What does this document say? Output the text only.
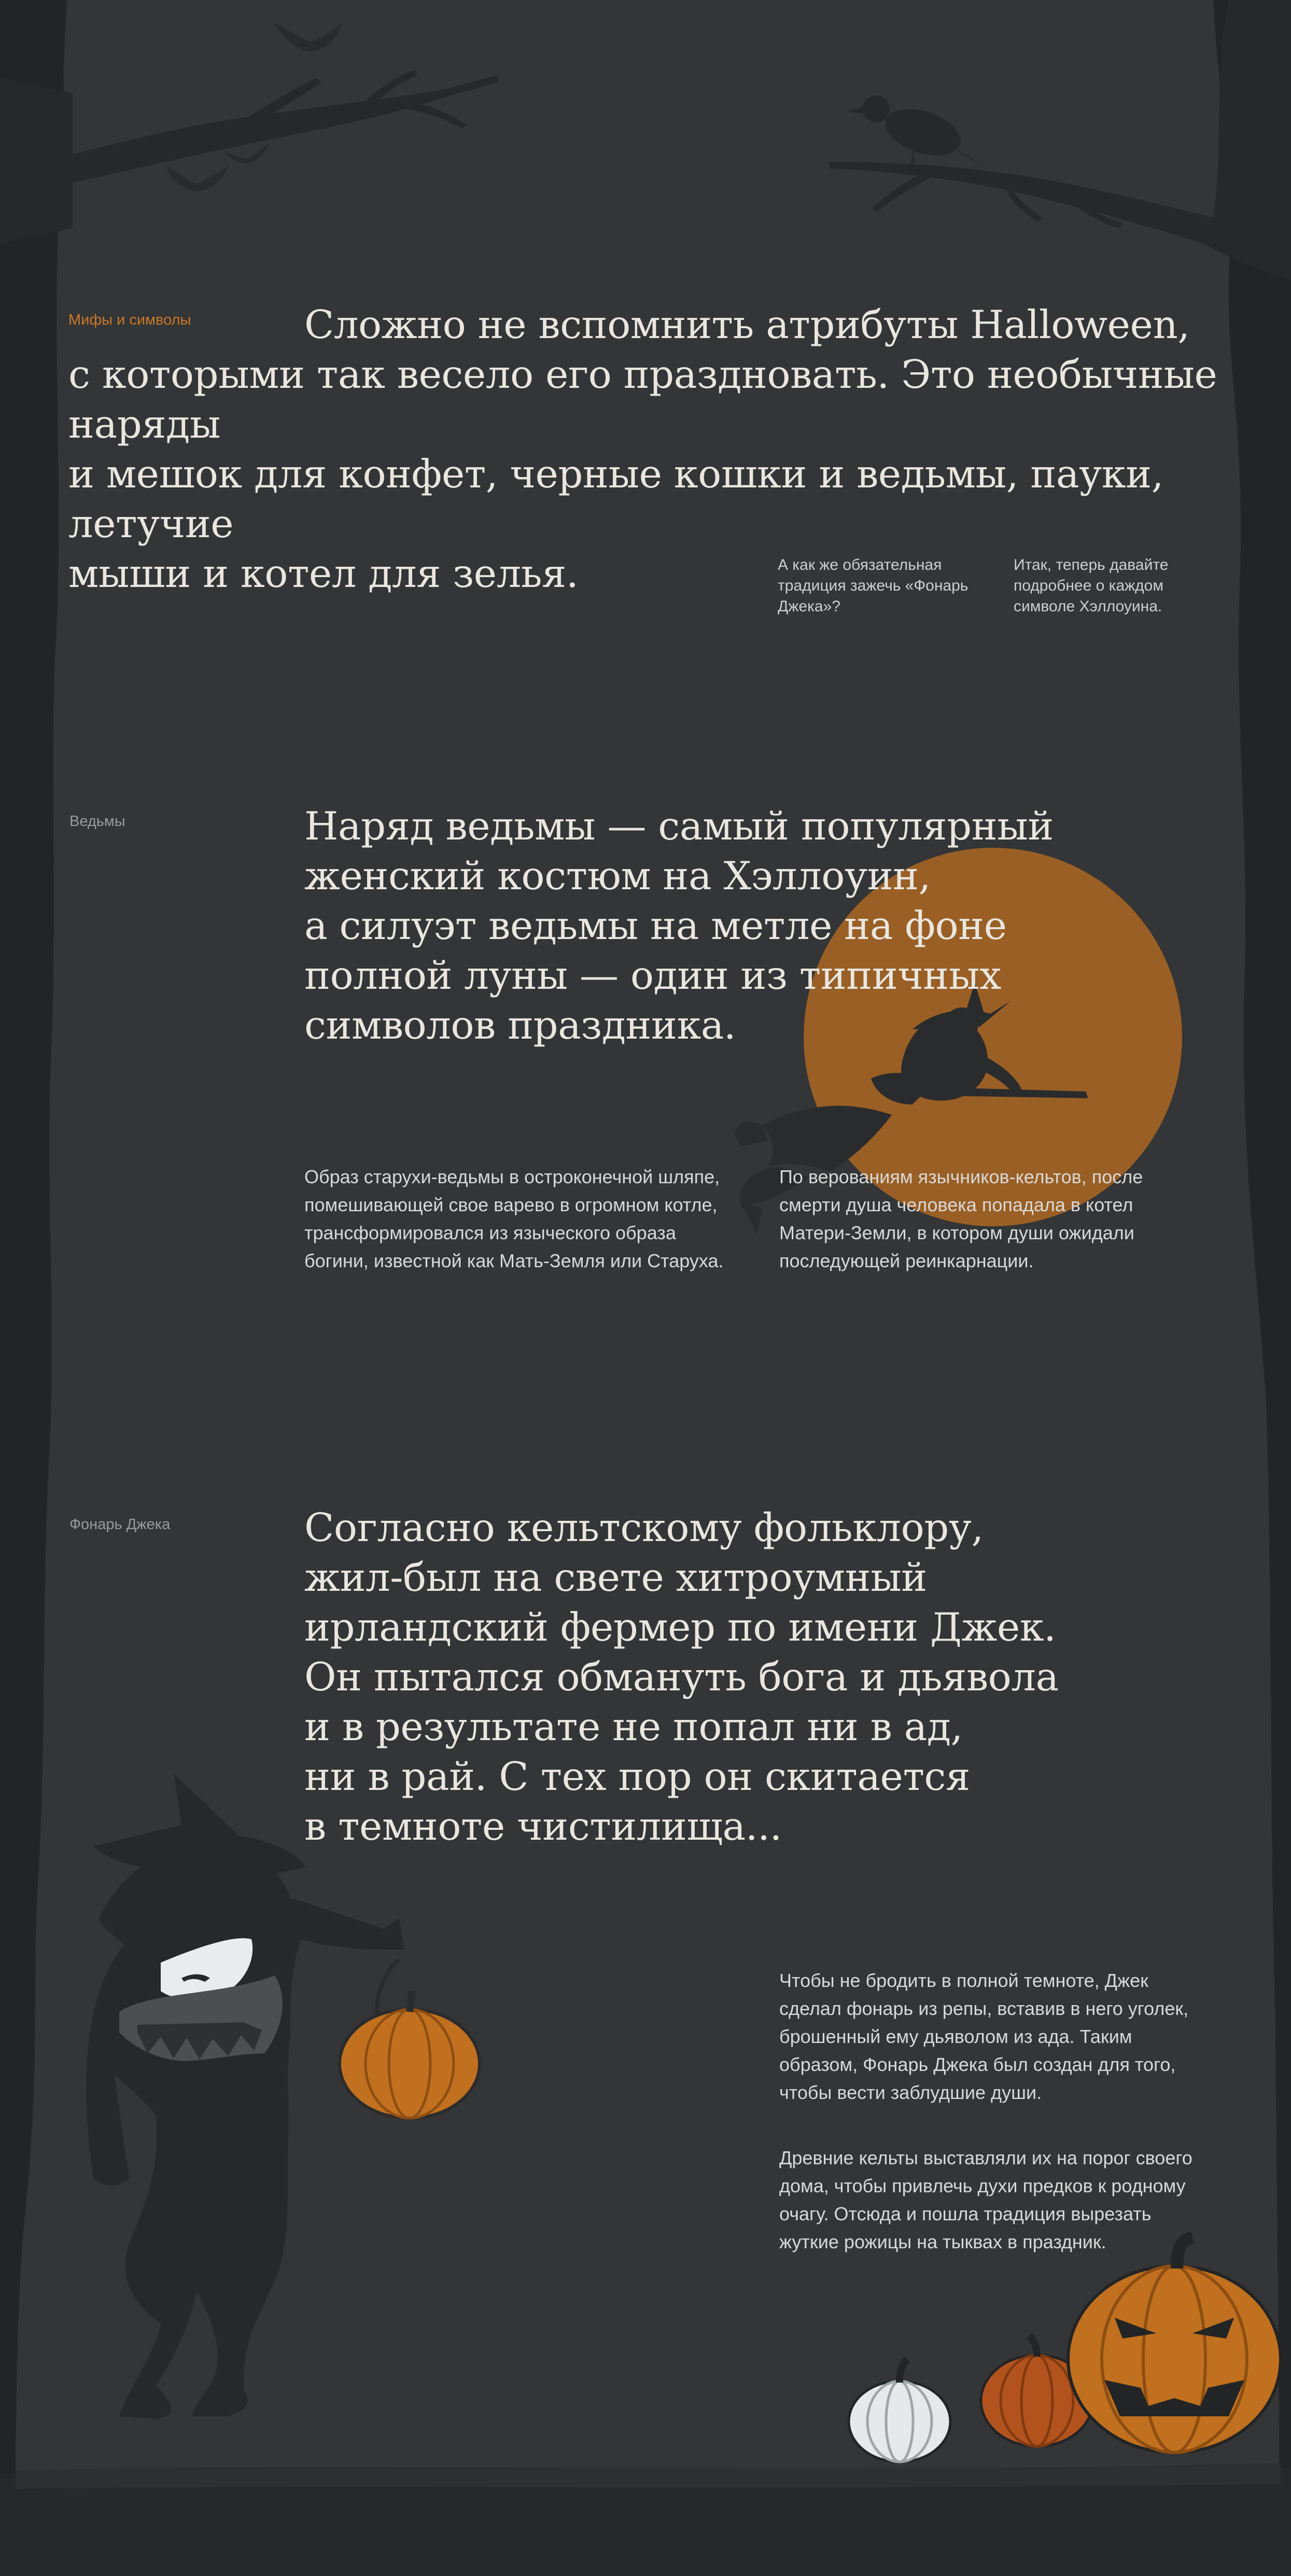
Мифы и символы	Сложно не вспомнить атрибуты Halloween,
с которыми так весело его праздновать. Это необычные наряды
и мешок для конфет, черные кошки и ведьмы, пауки, летучие
мыши и котел для зелья.	А как же обязательная
традиция зажечь «Фонарь
Джека»?

Итак, теперь давайте
подробнее о каждом
символе Хэллоуина.

Ведьмы	Наряд ведьмы — самый популярный
женский костюм на Хэллоуин,
а силуэт ведьмы на метле на фоне
полной луны — один из типичных
символов праздника.

Образ старухи-ведьмы в остроконечной шляпе,
помешивающей свое варево в огромном котле,
трансформировался из языческого образа
богини, известной как Мать-Земля или Старуха.

По верованиям язычников-кельтов, после
смерти душа человека попадала в котел
Матери-Земли, в котором души ожидали
последующей реинкарнации.

Фонарь Джека	Согласно кельтскому фольклору,
жил-был на свете хитроумный
ирландский фермер по имени Джек.
Он пытался обмануть бога и дьявола
и в результате не попал ни в ад,
ни в рай. С тех пор он скитается
в темноте чистилища...

Чтобы не бродить в полной темноте, Джек
сделал фонарь из репы, вставив в него уголек,
брошенный ему дьяволом из ада. Таким
образом, Фонарь Джека был создан для того,
чтобы вести заблудшие души.

Древние кельты выставляли их на порог своего
дома, чтобы привлечь духи предков к родному
очагу. Отсюда и пошла традиция вырезать
жуткие рожицы на тыквах в праздник.
